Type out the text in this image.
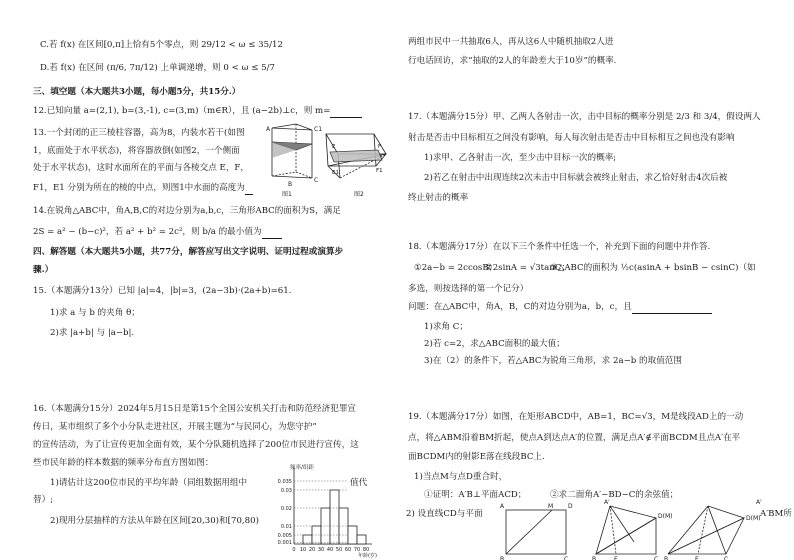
C.若 f(x) 在区间[0,π]上恰有5个零点，则 29/12 < ω ≤ 35/12
D.若 f(x) 在区间 (π/6, 7π/12) 上单调递增，则 0 < ω ≤ 5/7
三、填空题（本大题共3小题，每小题5分，共15分.）
12.已知向量 a=(2,1), b=(3,-1), c=(3,m)（m∈R），且 (a−2b)⊥c，则 m=
13.一个封闭的正三棱柱容器，高为8，内装水若干(如图
1，底面处于水平状态)，将容器放倒(如图2，一个侧面
处于水平状态)，这时水面所在的平面与各棱交点 E，F，
F1，E1 分别为所在的棱的中点，则图1中水面的高度为
14.在锐角△ABC中，角A,B,C的对边分别为a,b,c，三角形ABC的面积为S，满足
2S = a² − (b−c)²，若 a² + b² = 2c²，则 b/a 的最小值为
四、解答题（本大题共5小题，共77分，解答应写出文字说明、证明过程或演算步
骤.）
15.（本题满分13分）已知 |a|=4，|b|=3，(2a−3b)·(2a+b)=61.
1)求 a 与 b 的夹角 θ；
2)求 |a+b| 与 |a−b|.
16.（本题满分15分）2024年5月15日是第15个全国公安机关打击和防范经济犯罪宣
传日，某市组织了多个小分队走进社区，开展主题为“与民同心，为您守护”
的宣传活动，为了让宣传更加全面有效，某个分队随机选择了200位市民进行宣传，这
些市民年龄的样本数据的频率分布直方图如图：
1)请估计这200位市民的平均年龄（同组数据用组中	值代
替）;
2)现用分层抽样的方法从年龄在区间[20,30)和[70,80)
A	C1
B
C
图1
E	F
E1	F1
图2
频率/组距
年龄(岁)
0.001
0.005
0.01
0.02
0.03
0.035
0 10 20 30 40 50 60 70 80
两组市民中一共抽取6人，再从这6人中随机抽取2人进
行电话回访，求“抽取的2人的年龄差大于10岁”的概率.
17.（本题满分15分）甲、乙两人各射击一次，击中目标的概率分别是 2/3 和 3/4，假设两人
射击是否击中目标相互之间没有影响，每人每次射击是否击中目标相互之间也没有影响
1)求甲、乙各射击一次，至少击中目标一次的概率;
2)若乙在射击中出现连续2次未击中目标就会被终止射击，求乙恰好射击4次后被
终止射击的概率
18.（本题满分17分）在以下三个条件中任选一个，补充到下面的问题中并作答.
①2a−b = 2ccosB；
②2sinA = √3tanC；
③△ABC的面积为 ½c(asinA + bsinB − csinC)（如
多选，则按选择的第一个记分）
问题：在△ABC中，角A，B，C的对边分别为a，b，c，且
1)求角 C；
2)若 c=2，求△ABC面积的最大值；
3)在（2）的条件下，若△ABC为锐角三角形，求 2a−b 的取值范围
19.（本题满分17分）如图，在矩形ABCD中，AB=1，BC=√3，M是线段AD上的一动
点，将△ABM沿着BM折起，使点A到达点A′的位置，满足点A′∉平面BCDM且点A′在平
面BCDM内的射影E落在线段BC上.
1)当点M与点D重合时，
①证明：A′B⊥平面ACD；	②求二面角A′−BD−C的余弦值；
2) 设直线CD与平面	A′BM所
A	M D
B	C
A'
D(M)
B	E	C
A'
D(M)
B	E	C
